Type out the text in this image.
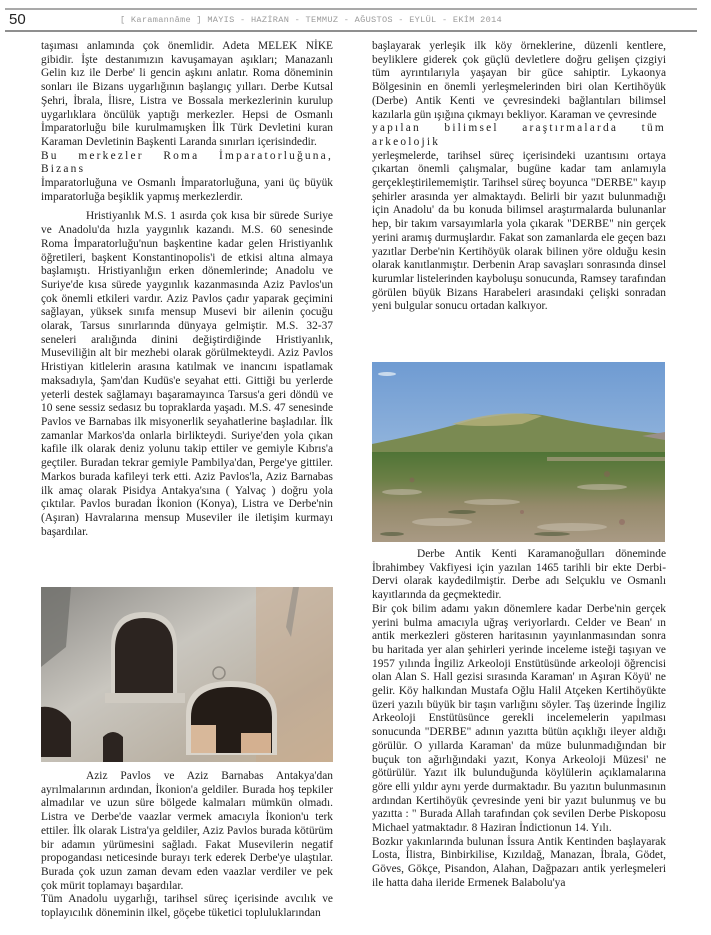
50	[ Karamannâme ] MAYIS - HAZİRAN - TEMMUZ - AĞUSTOS - EYLÜL - EKİM 2014

taşıması anlamında çok önemlidir. Adeta MELEK NİKE gibidir. İşte destanımızın kavuşamayan aşıkları; Manazanlı Gelin kız ile Derbe' li gencin aşkını anlatır. Roma döneminin sonları ile Bizans uygarlığının başlangıç yılları. Derbe Kutsal Şehri, İbrala, İlisre, Listra ve Bossala merkezlerinin kurulup uygarlıklara öncülük yaptığı merkezler. Hepsi de Osmanlı İmparatorluğu bile kurulmamışken İlk Türk Devletini kuran Karaman Devletinin Başkenti Laranda sınırları içerisindedir.

Bu merkezler Roma İmparatorluğuna, Bizans

İmparatorluğuna ve Osmanlı İmparatorluğuna, yani üç büyük imparatorluğa beşiklik yapmış merkezlerdir.

Hristiyanlık M.S. 1 asırda çok kısa bir sürede Suriye ve Anadolu'da hızla yaygınlık kazandı. M.S. 60 senesinde Roma İmparatorluğu'nun başkentine kadar gelen Hristiyanlık öğretileri, başkent Konstantinopolis'i de etkisi altına almaya başlamıştı. Hristiyanlığın erken dönemlerinde; Anadolu ve Suriye'de kısa sürede yaygınlık kazanmasında Aziz Pavlos'un çok önemli etkileri vardır. Aziz Pavlos çadır yaparak geçimini sağlayan, yüksek sınıfa mensup Musevi bir ailenin çocuğu olarak, Tarsus sınırlarında dünyaya gelmiştir. M.S. 32-37 seneleri aralığında dinini değiştirdiğinde Hristiyanlık, Museviliğin alt bir mezhebi olarak görülmekteydi. Aziz Pavlos Hristiyan kitlelerin arasına katılmak ve inancını ispatlamak maksadıyla, Şam'dan Kudüs'e seyahat etti. Gittiği bu yerlerde yeterli destek sağlamayı başaramayınca Tarsus'a geri döndü ve 10 sene sessiz sedasız bu topraklarda yaşadı. M.S. 47 senesinde Pavlos ve Barnabas ilk misyonerlik seyahatlerine başladılar. İlk zamanlar Markos'da onlarla birlikteydi. Suriye'den yola çıkan kafile ilk olarak deniz yolunu takip ettiler ve gemiyle Kıbrıs'a geçtiler. Buradan tekrar gemiyle Pambilya'dan, Perge'ye gittiler. Markos burada kafileyi terk etti. Aziz Pavlos'la, Aziz Barnabas ilk amaç olarak Pisidya Antakya'sına ( Yalvaç ) doğru yola çıktılar. Pavlos buradan İkonion (Konya), Listra ve Derbe'nin (Aşıran) Havralarına mensup Museviler ile iletişim kurmayı başardılar.

Aziz Pavlos ve Aziz Barnabas Antakya'dan ayrılmalarının ardından, İkonion'a geldiler. Burada hoş tepkiler almadılar ve uzun süre bölgede kalmaları mümkün olmadı. Listra ve Derbe'de vaazlar vermek amacıyla İkonion'u terk ettiler. İlk olarak Listra'ya geldiler, Aziz Pavlos burada kötürüm bir adamın yürümesini sağladı. Fakat Musevilerin negatif propogandası neticesinde burayı terk ederek Derbe'ye ulaştılar. Burada çok uzun zaman devam eden vaazlar verdiler ve pek çok mürit toplamayı başardılar.

Tüm Anadolu uygarlığı, tarihsel süreç içerisinde avcılık ve toplayıcılık döneminin ilkel, göçebe tüketici topluluklarından

başlayarak yerleşik ilk köy örneklerine, düzenli kentlere, beyliklere giderek çok güçlü devletlere doğru gelişen çizgiyi tüm ayrıntılarıyla yaşayan bir güce sahiptir. Lykaonya Bölgesinin en önemli yerleşmelerinden biri olan Kertihöyük (Derbe) Antik Kenti ve çevresindeki bağlantıları bilimsel kazılarla gün ışığına çıkmayı bekliyor. Karaman ve çevresinde

yapılan bilimsel araştırmalarda tüm arkeolojik

yerleşmelerde, tarihsel süreç içerisindeki uzantısını ortaya çıkartan önemli çalışmalar, bugüne kadar tam anlamıyla gerçekleştirilememiştir. Tarihsel süreç boyunca "DERBE" kayıp şehirler arasında yer almaktaydı. Belirli bir yazıt bulunmadığı için Anadolu' da bu konuda bilimsel araştırmalarda bulunanlar hep, bir takım varsayımlarla yola çıkarak "DERBE" nin gerçek yerini aramış durmuşlardır. Fakat son zamanlarda ele geçen bazı yazıtlar Derbe'nin Kertihöyük olarak bilinen yöre olduğu kesin olarak kanıtlanmıştır. Derbenin Arap savaşları sonrasında dinsel kurumlar listelerinden kayboluşu sonucunda, Ramsey tarafından görülen büyük Bizans Harabeleri arasındaki çelişki sonradan yeni bulgular sonucu ortadan kalkıyor.

Derbe Antik Kenti Karamanoğulları döneminde İbrahimbey Vakfiyesi için yazılan 1465 tarihli bir ekte Derbi-Dervi olarak kaydedilmiştir. Derbe adı Selçuklu ve Osmanlı kayıtlarında da geçmektedir.

Bir çok bilim adamı yakın dönemlere kadar Derbe'nin gerçek yerini bulma amacıyla uğraş veriyorlardı. Celder ve Bean' ın antik merkezleri gösteren haritasının yayınlanmasından sonra bu haritada yer alan şehirleri yerinde inceleme isteği taşıyan ve 1957 yılında İngiliz Arkeoloji Enstütüsünde arkeoloji öğrencisi olan Alan S. Hall gezisi sırasında Karaman' ın Aşıran Köyü' ne gelir. Köy halkından Mustafa Oğlu Halil Atçeken Kertihöyükte üzeri yazılı büyük bir taşın varlığını söyler. Taş üzerinde İngiliz Arkeoloji Enstütüsünce gerekli incelemelerin yapılması sonucunda "DERBE" adının yazıtta bütün açıklığı ileyer aldığı görülür. O yıllarda Karaman' da müze bulunmadığından bir buçuk ton ağırlığındaki yazıt, Konya Arkeoloji Müzesi' ne götürülür. Yazıt ilk bulunduğunda köylülerin açıklamalarına göre elli yıldır aynı yerde durmaktadır. Bu yazıtın bulunmasının ardından Kertihöyük çevresinde yeni bir yazıt bulunmuş ve bu yazıtta : " Burada Allah tarafından çok sevilen Derbe Piskoposu Michael yatmaktadır. 8 Haziran İndictionun 14. Yılı.

Bozkır yakınlarında bulunan İssura Antik Kentinden başlayarak Losta, İlistra, Binbirkilise, Kızıldağ, Manazan, İbrala, Gödet, Göves, Gökçe, Pisandon, Alahan, Dağpazarı antik yerleşmeleri ile hatta daha ileride Ermenek Balabolu'ya
